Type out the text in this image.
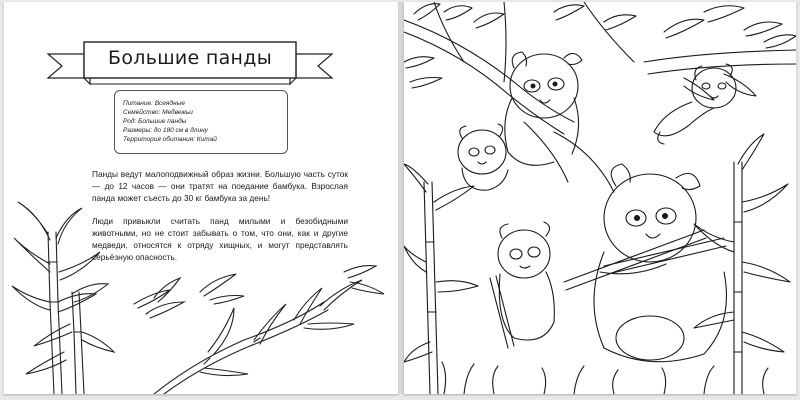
Большие панды
Питание: Всеядные
Семейство: Медвежьи
Род: Большие панды
Размеры: до 180 см в длину
Территория обитания: Китай
Панды ведут малоподвижный образ жизни. Большую часть суток — до 12 часов — они тратят на поедание бамбука. Взрослая панда может съесть до 30 кг бамбука за день!
Люди привыкли считать панд милыми и безобидными животными, но не стоит забывать о том, что они, как и другие медведи, относятся к отряду хищных, и могут представлять серьёзную опасность.
